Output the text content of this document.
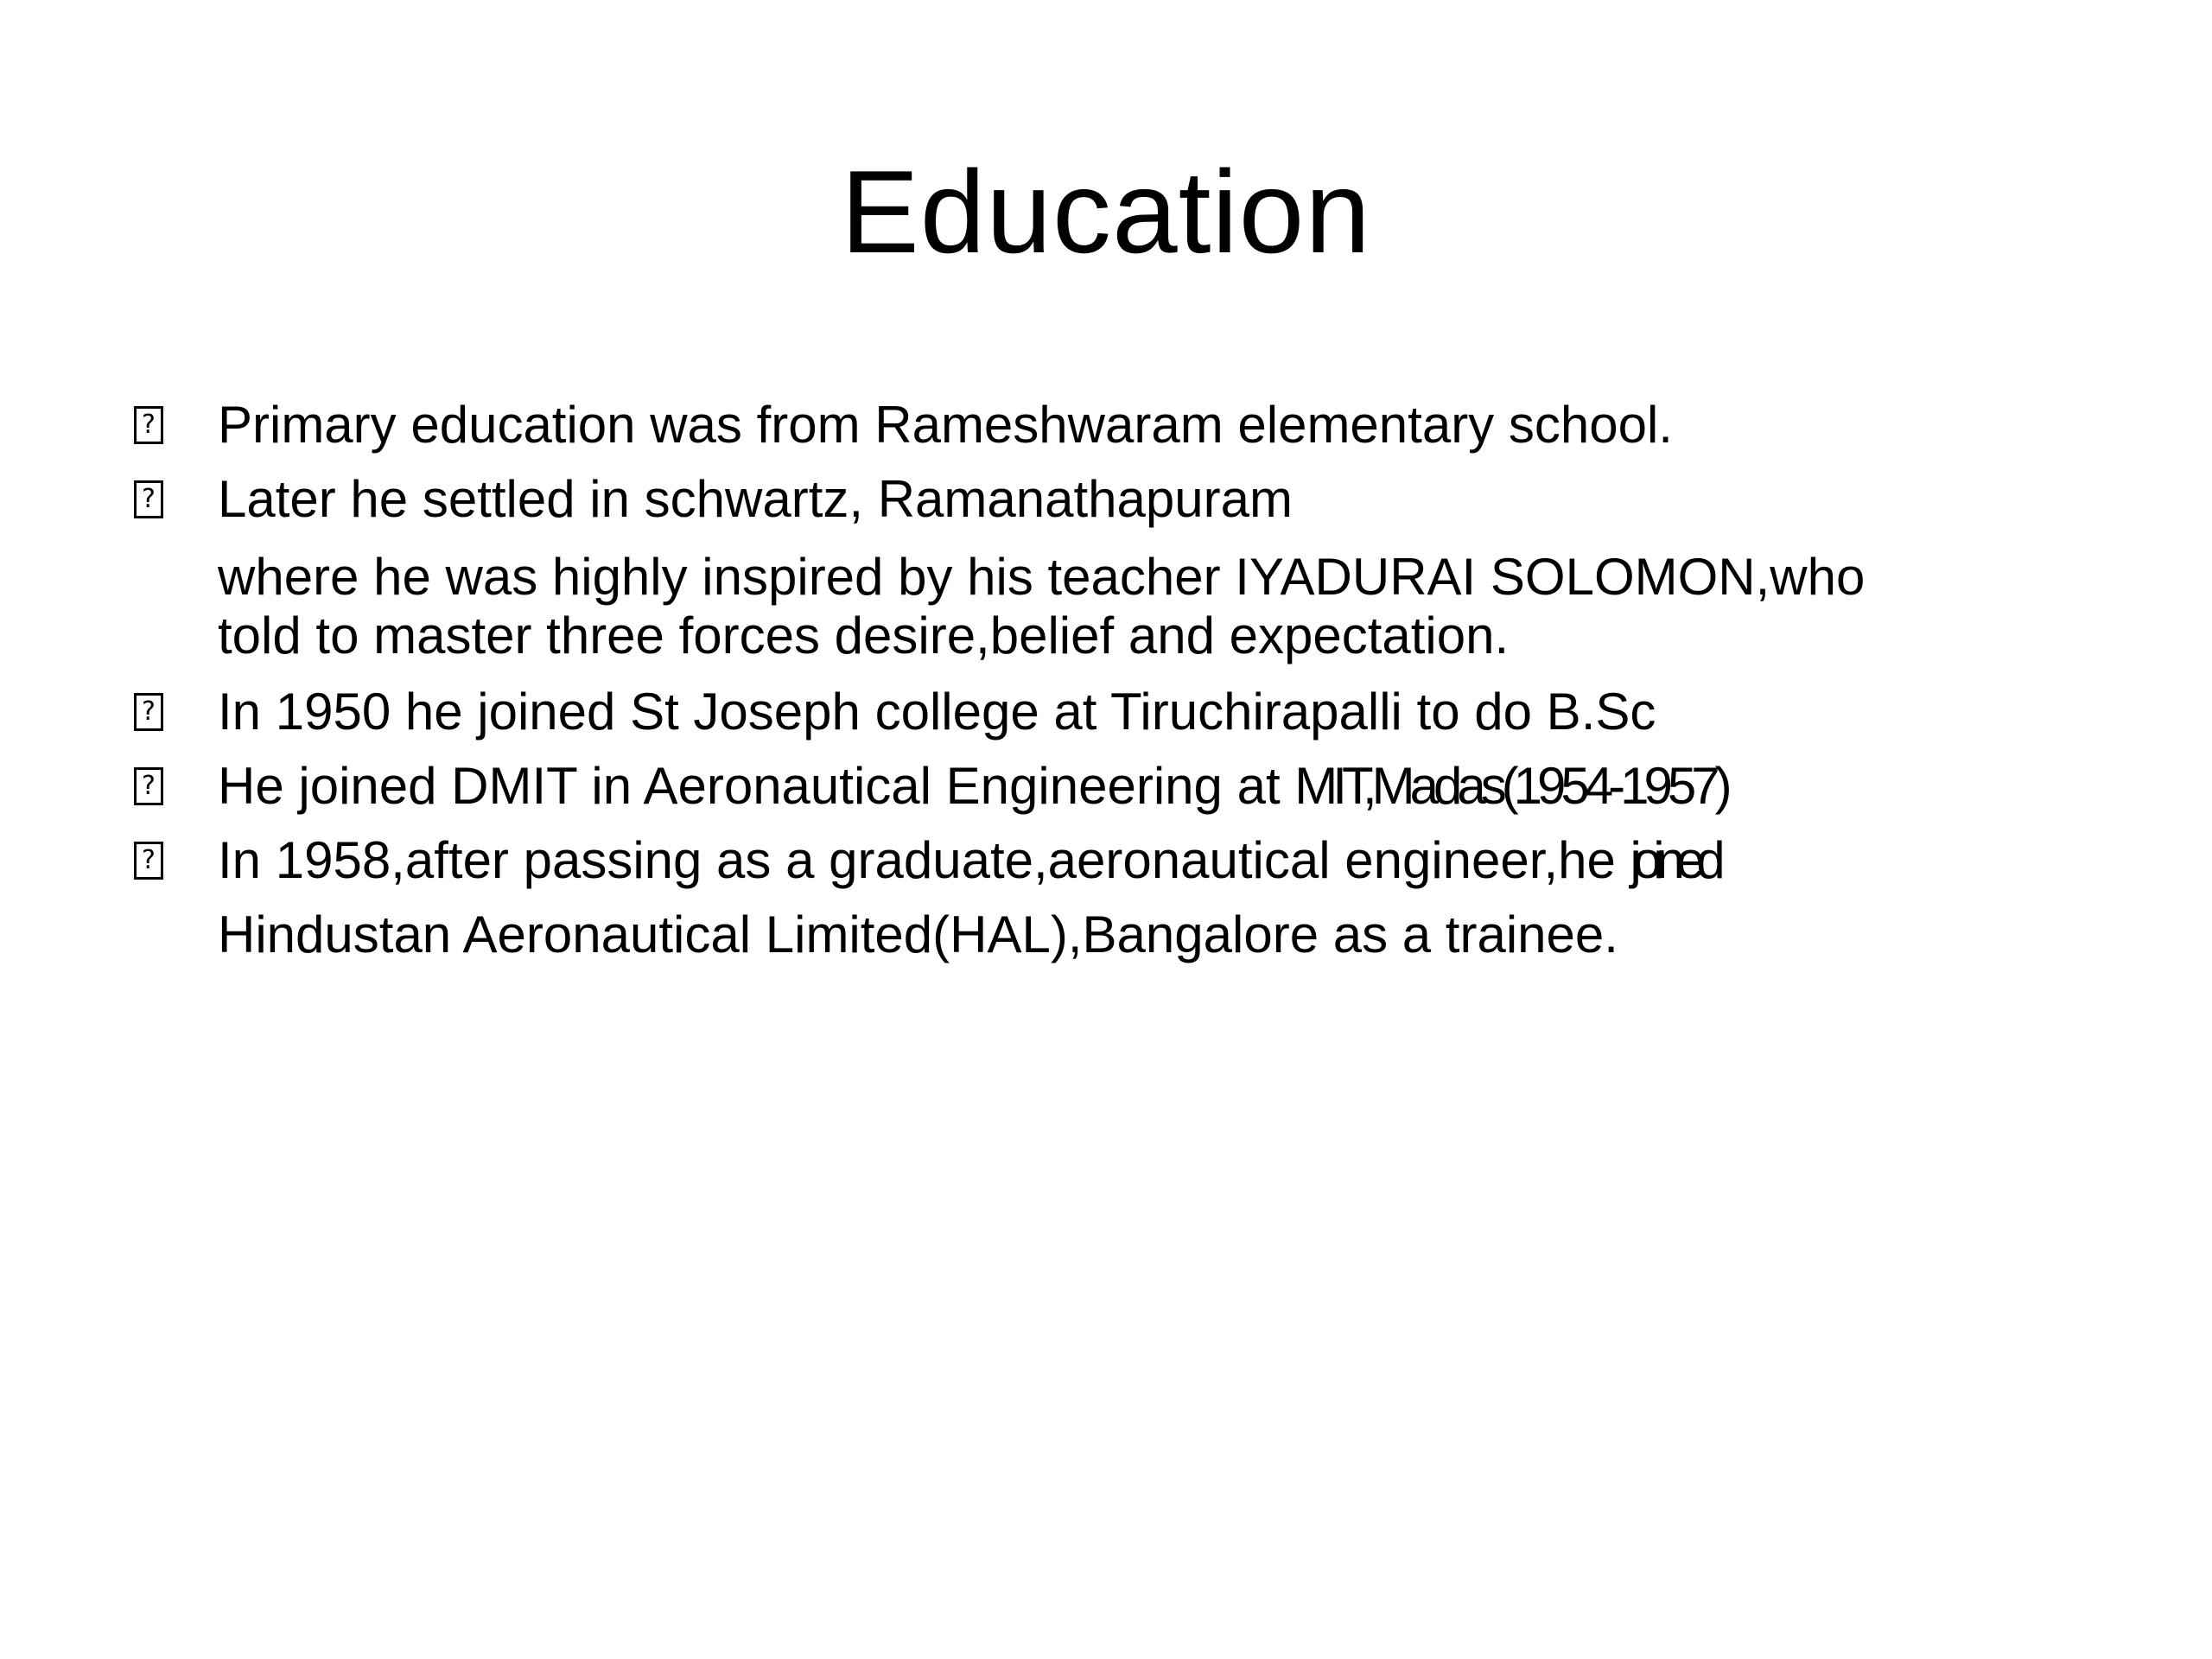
Education
? Primary education was from Rameshwaram elementary school.
? Later he settled in schwartz, Ramanathapuram
where he was highly inspired by his teacher IYADURAI SOLOMON,who
told to master three forces desire,belief and expectation.
? In 1950 he joined St Joseph college at Tiruchirapalli to do B.Sc
? He joined DMIT in Aeronautical Engineering at MIT,Madas(1954-1957)
? In 1958,after passing as a graduate,aeronautical engineer,he joined
Hindustan Aeronautical Limited(HAL),Bangalore as a trainee.
